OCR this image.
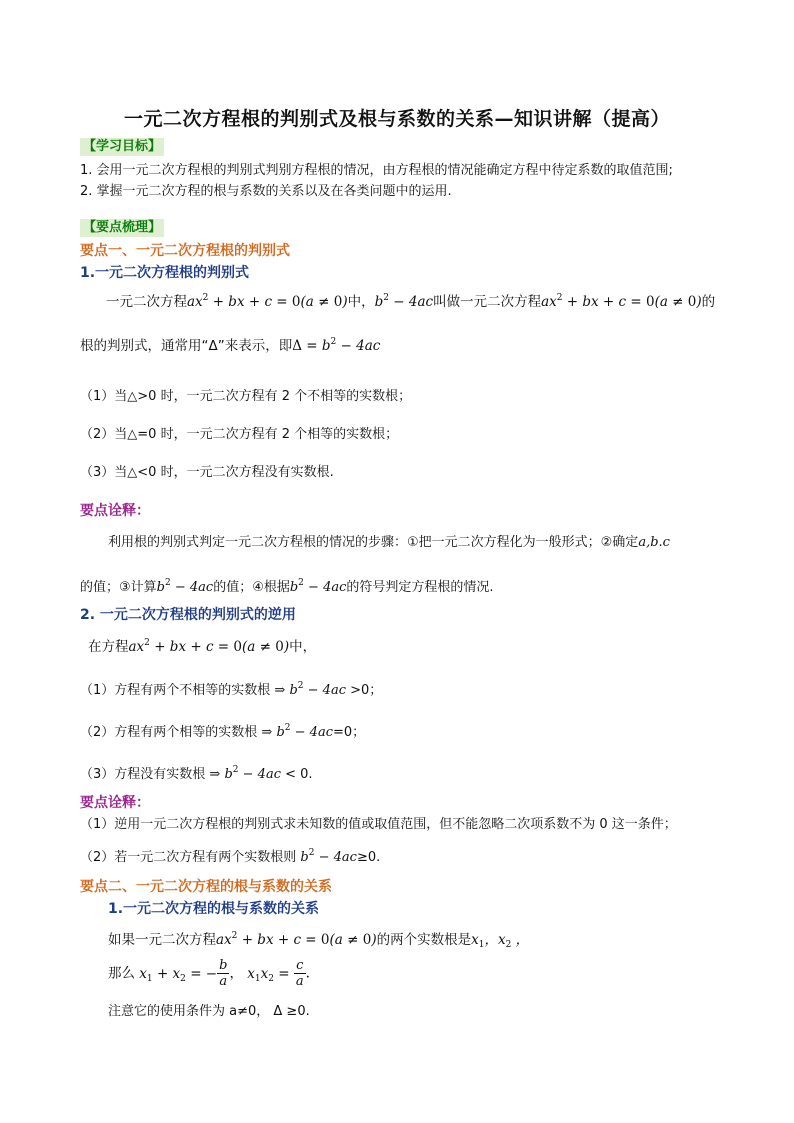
一元二次方程根的判别式及根与系数的关系—知识讲解（提高）
【学习目标】
1. 会用一元二次方程根的判别式判别方程根的情况，由方程根的情况能确定方程中待定系数的取值范围;
2. 掌握一元二次方程的根与系数的关系以及在各类问题中的运用.
【要点梳理】
要点一、一元二次方程根的判别式
1.一元二次方程根的判别式
一元二次方程$ax^2$ + bx + c = 0(a ≠ 0)中，$b^2 - 4ac$叫做一元二次方程$ax^2$ + bx + c = 0(a ≠ 0)的
根的判别式，通常用“Δ”来表示，即$\Delta = b^2 - 4ac$
（1）当△>0 时，一元二次方程有 2 个不相等的实数根；
（2）当△=0 时，一元二次方程有 2 个相等的实数根；
（3）当△<0 时，一元二次方程没有实数根.
要点诠释：
利用根的判别式判定一元二次方程根的情况的步骤：①把一元二次方程化为一般形式；②确定a,b.c
的值；③计算$b^2 - 4ac$的值；④根据$b^2 - 4ac$的符号判定方程根的情况.
2. 一元二次方程根的判别式的逆用
在方程$ax^2$ + bx + c = 0(a ≠ 0)中，
（1）方程有两个不相等的实数根 ⇒ $b^2 - 4ac >0$；
（2）方程有两个相等的实数根 ⇒ $b^2 - 4ac=0$；
（3）方程没有实数根 ⇒ $b^2 - 4ac < 0$.
要点诠释：
（1）逆用一元二次方程根的判别式求未知数的值或取值范围，但不能忽略二次项系数不为 0 这一条件；
（2）若一元二次方程有两个实数根则 $b^2 - 4ac\ge 0$.
要点二、一元二次方程的根与系数的关系
1.一元二次方程的根与系数的关系
如果一元二次方程$ax^2$ + bx + c = 0(a ≠ 0)的两个实数根是$x_1$，$x_2$ ，
那么 $x_1 + x_2$ = − $\frac{b}{a}$ ， $x_1x_2 = \frac{c}{a}$ .
注意它的使用条件为 a≠0， Δ ≥0.
